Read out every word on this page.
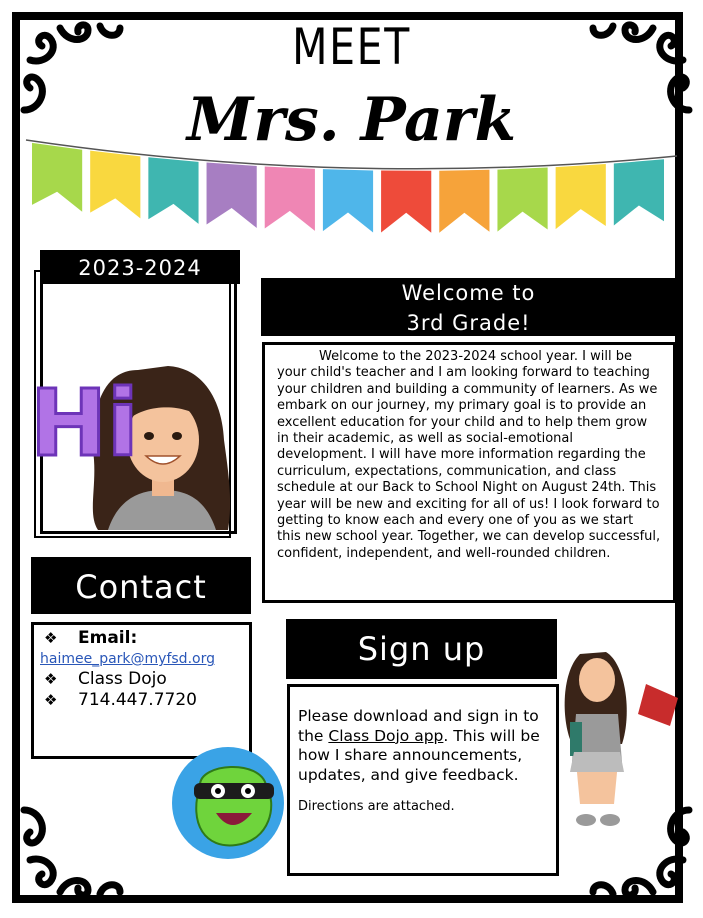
MEET
Mrs. Park
2023-2024
Hi
Welcome to
3rd Grade!
Welcome to the 2023-2024 school year. I will be your child's teacher and I am looking forward to teaching your children and building a community of learners. As we embark on our journey, my primary goal is to provide an excellent education for your child and to help them grow in their academic, as well as social-emotional development. I will have more information regarding the curriculum, expectations, communication, and class schedule at our Back to School Night on August 24th. This year will be new and exciting for all of us! I look forward to getting to know each and every one of you as we start this new school year. Together, we can develop successful, confident, independent, and well-rounded children.
Contact
❖ Email:
haimee_park@myfsd.org
❖ Class Dojo
❖ 714.447.7720
Sign up
Please download and sign in to the Class Dojo app. This will be how I share announcements, updates, and give feedback.
Directions are attached.
